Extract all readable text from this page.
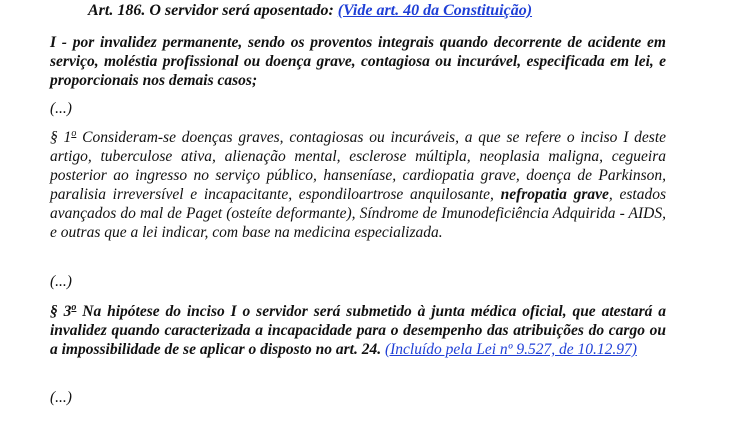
Art. 186. O servidor será aposentado: (Vide art. 40 da Constituição)
I - por invalidez permanente, sendo os proventos integrais quando decorrente de acidente em serviço, moléstia profissional ou doença grave, contagiosa ou incurável, especificada em lei, e proporcionais nos demais casos;
(...)
§ 1$^o$ Consideram-se doenças graves, contagiosas ou incuráveis, a que se refere o inciso I deste artigo, tuberculose ativa, alienação mental, esclerose múltipla, neoplasia maligna, cegueira posterior ao ingresso no serviço público, hanseníase, cardiopatia grave, doença de Parkinson, paralisia irreversível e incapacitante, espondiloartrose anquilosante, nefropatia grave, estados avançados do mal de Paget (osteíte deformante), Síndrome de Imunodeficiência Adquirida - AIDS, e outras que a lei indicar, com base na medicina especializada.
(...)
§ 3$^o$ Na hipótese do inciso I o servidor será submetido à junta médica oficial, que atestará a invalidez quando caracterizada a incapacidade para o desempenho das atribuições do cargo ou a impossibilidade de se aplicar o disposto no art. 24. (Incluído pela Lei nº 9.527, de 10.12.97)
(...)
